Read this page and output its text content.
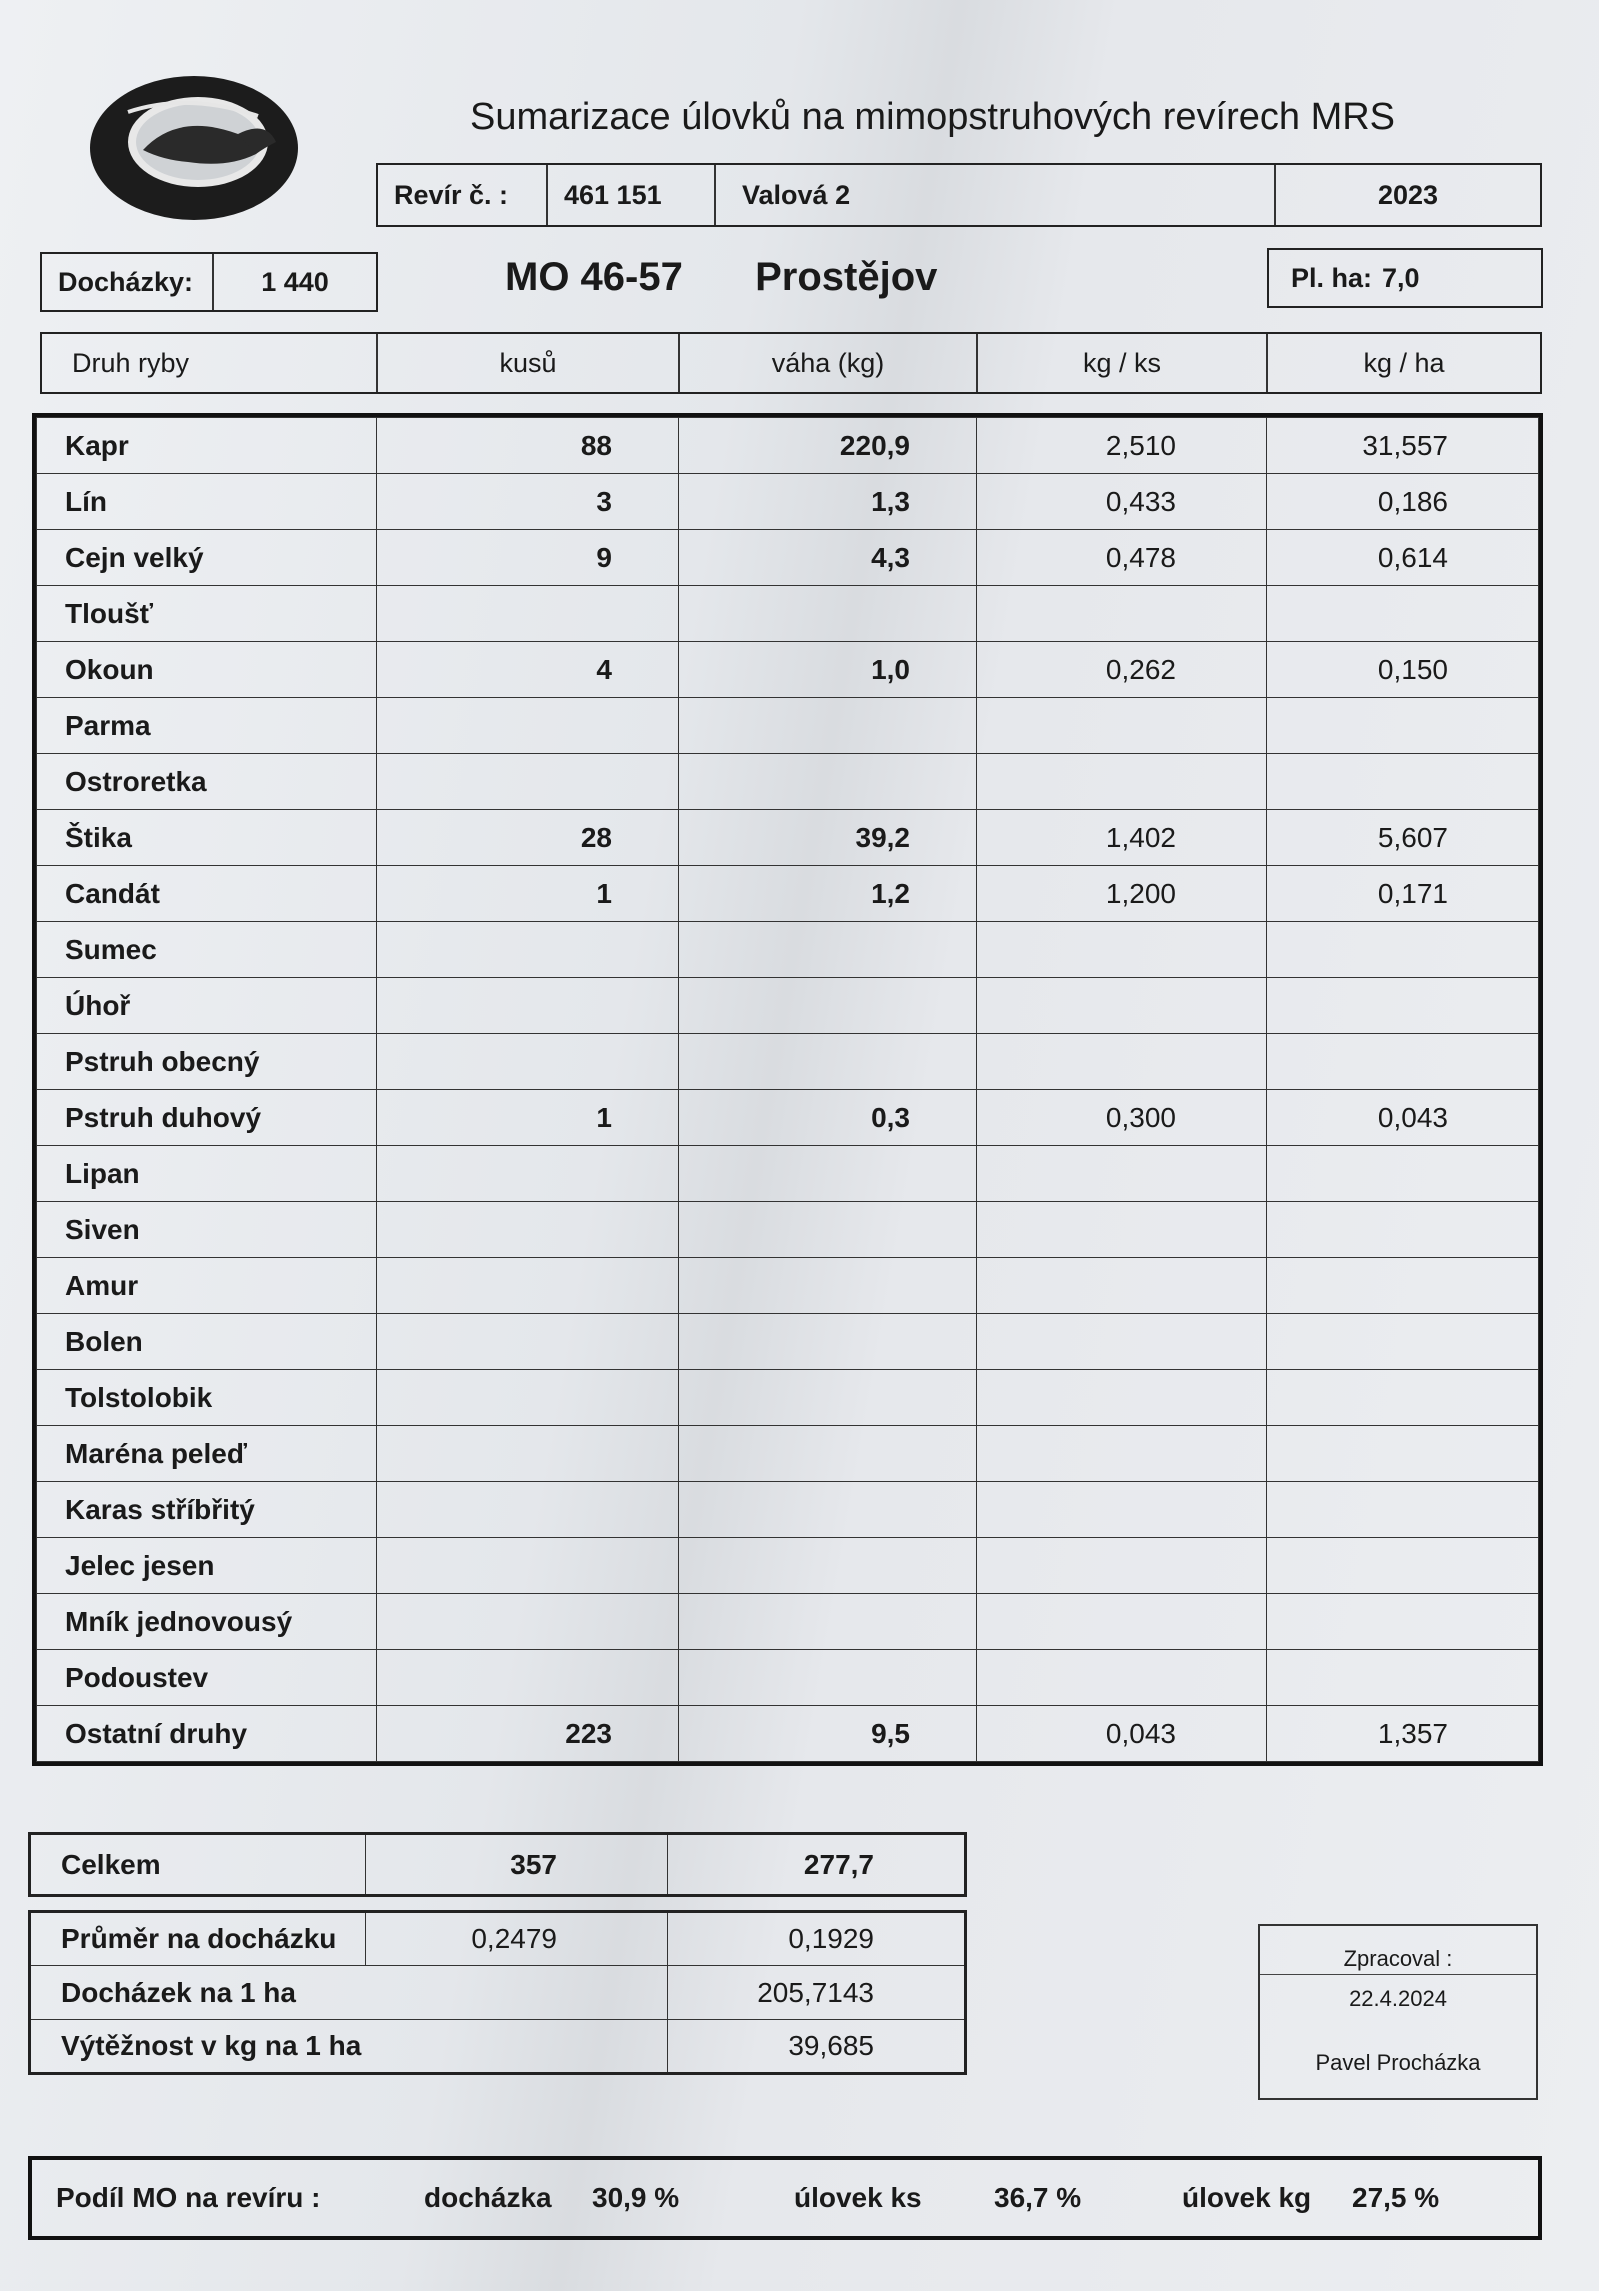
Sumarizace úlovků na mimopstruhových revírech MRS
Revír č. :	461 151	Valová 2	2023
Docházky:	1 440	MO 46-57 Prostějov	Pl. ha: 7,0
Druh ryby	kusů	váha (kg)	kg / ks	kg / ha
Kapr	88	220,9	2,510	31,557
Lín	3	1,3	0,433	0,186
Cejn velký	9	4,3	0,478	0,614
Tloušť				
Okoun	4	1,0	0,262	0,150
Parma				
Ostroretka				
Štika	28	39,2	1,402	5,607
Candát	1	1,2	1,200	0,171
Sumec				
Úhoř				
Pstruh obecný				
Pstruh duhový	1	0,3	0,300	0,043
Lipan				
Siven				
Amur				
Bolen				
Tolstolobik				
Maréna peleď				
Karas stříbřitý				
Jelec jesen				
Mník jednovousý				
Podoustev				
Ostatní druhy	223	9,5	0,043	1,357
Celkem	357	277,7
Průměr na docházku	0,2479	0,1929
Docházek na 1 ha		205,7143
Výtěžnost v kg na 1 ha		39,685
Zpracoval :
22.4.2024
Pavel Procházka
Podíl MO na revíru :	docházka 30,9 %	úlovek ks	36,7 %	úlovek kg 27,5 %
